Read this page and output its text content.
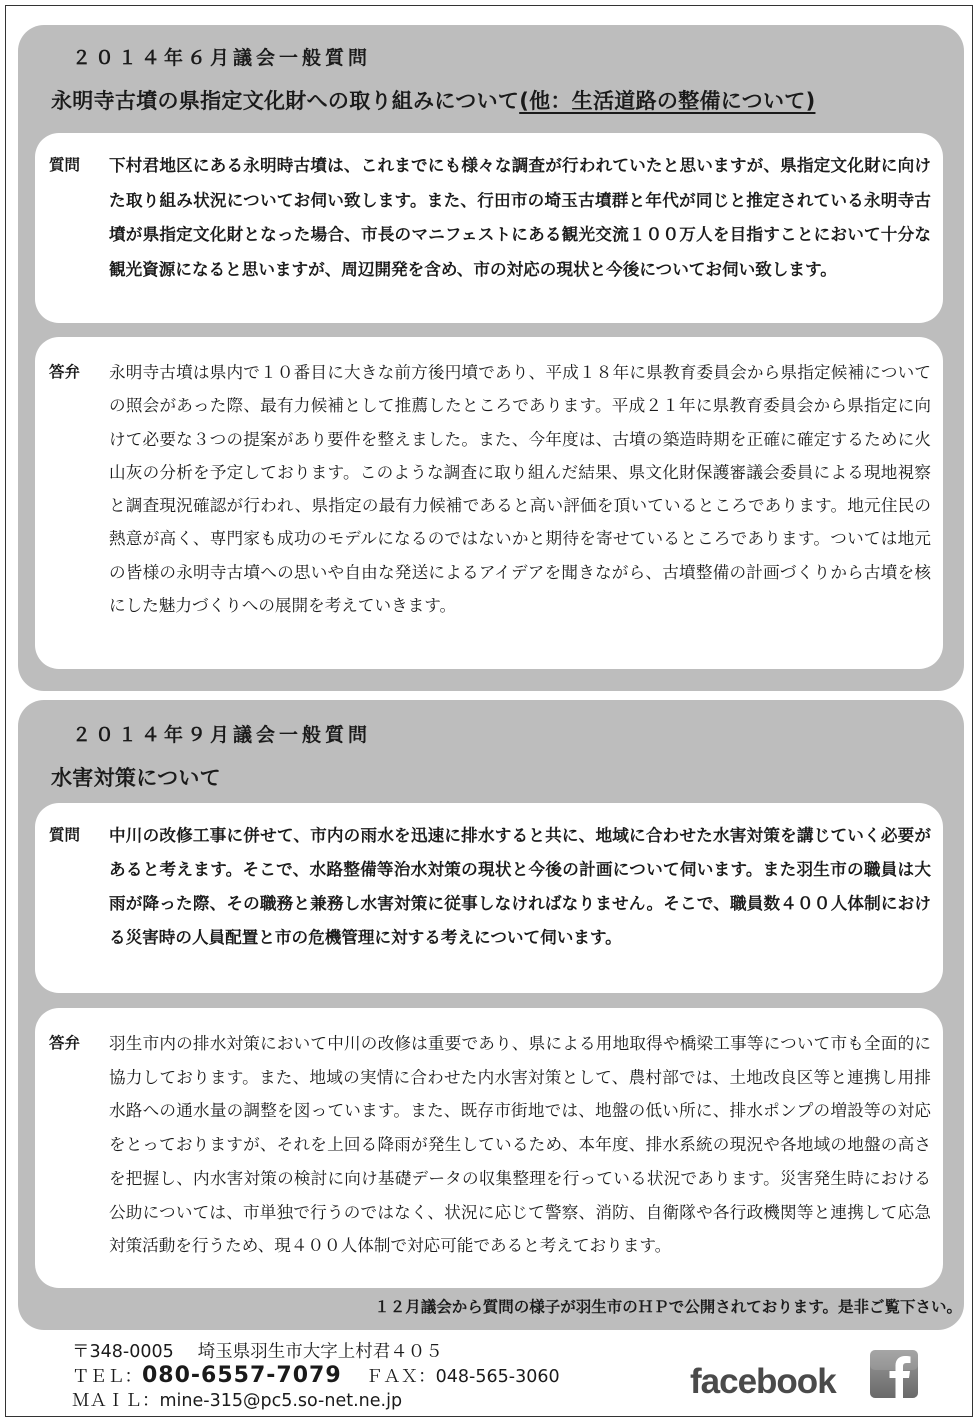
２０１４年６月議会一般質問
永明寺古墳の県指定文化財への取り組みについて(他：生活道路の整備について)
質問 下村君地区にある永明時古墳は、これまでにも様々な調査が行われていたと思いますが、県指定文化財に向けた取り組み状況についてお伺い致します。また、行田市の埼玉古墳群と年代が同じと推定されている永明寺古墳が県指定文化財となった場合、市長のマニフェストにある観光交流１００万人を目指すことにおいて十分な観光資源になると思いますが、周辺開発を含め、市の対応の現状と今後についてお伺い致します。
答弁 永明寺古墳は県内で１０番目に大きな前方後円墳であり、平成１８年に県教育委員会から県指定候補についての照会があった際、最有力候補として推薦したところであります。平成２１年に県教育委員会から県指定に向けて必要な３つの提案があり要件を整えました。また、今年度は、古墳の築造時期を正確に確定するために火山灰の分析を予定しております。このような調査に取り組んだ結果、県文化財保護審議会委員による現地視察と調査現況確認が行われ、県指定の最有力候補であると高い評価を頂いているところであります。地元住民の熱意が高く、専門家も成功のモデルになるのではないかと期待を寄せているところであります。ついては地元の皆様の永明寺古墳への思いや自由な発送によるアイデアを聞きながら、古墳整備の計画づくりから古墳を核にした魅力づくりへの展開を考えていきます。
２０１４年９月議会一般質問
水害対策について
質問 中川の改修工事に併せて、市内の雨水を迅速に排水すると共に、地域に合わせた水害対策を講じていく必要があると考えます。そこで、水路整備等治水対策の現状と今後の計画について伺います。また羽生市の職員は大雨が降った際、その職務と兼務し水害対策に従事しなければなりません。そこで、職員数４００人体制における災害時の人員配置と市の危機管理に対する考えについて伺います。
答弁 羽生市内の排水対策において中川の改修は重要であり、県による用地取得や橋梁工事等について市も全面的に協力しております。また、地域の実情に合わせた内水害対策として、農村部では、土地改良区等と連携し用排水路への通水量の調整を図っています。また、既存市街地では、地盤の低い所に、排水ポンプの増設等の対応をとっておりますが、それを上回る降雨が発生しているため、本年度、排水系統の現況や各地域の地盤の高さを把握し、内水害対策の検討に向け基礎データの収集整理を行っている状況であります。災害発生時における公助については、市単独で行うのではなく、状況に応じて警察、消防、自衛隊や各行政機関等と連携して応急対策活動を行うため、現４００人体制で対応可能であると考えております。
１２月議会から質問の様子が羽生市のＨＰで公開されております。是非ご覧下さい。
〒348-0005 埼玉県羽生市大字上村君４０５
ＴＥＬ：080-6557-7079 ＦＡＸ：048-565-3060
ＭＡＩＬ：mine-315@pc5.so-net.ne.jp	facebook
